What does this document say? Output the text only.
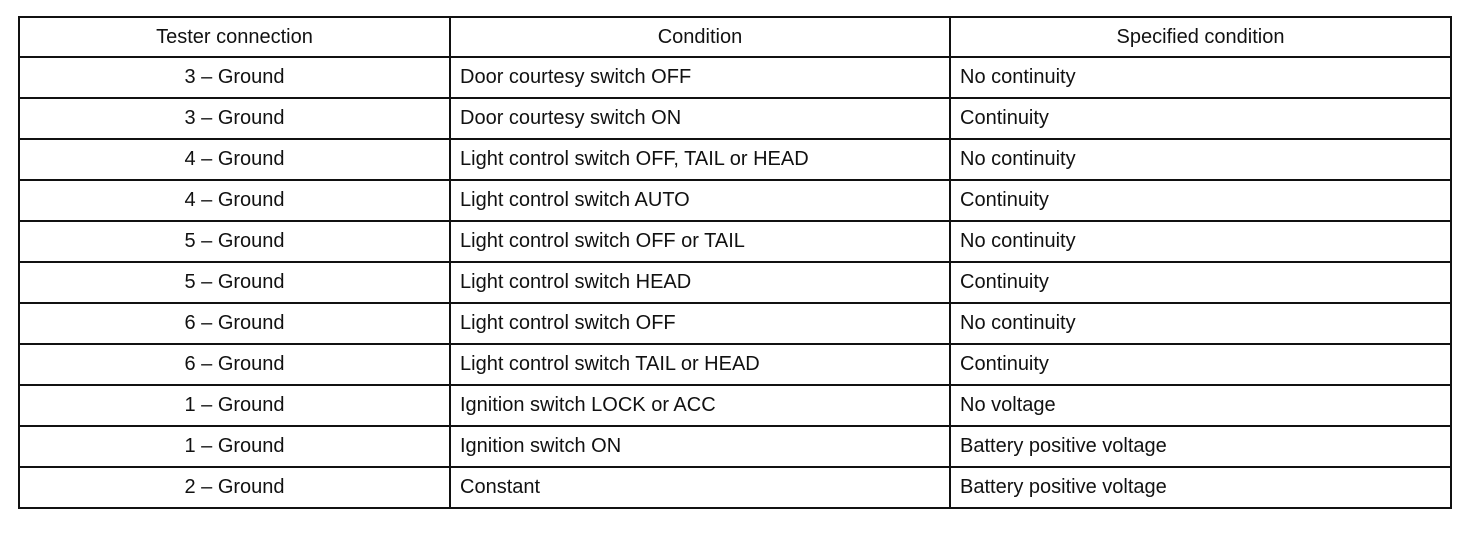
Tester connection	Condition	Specified condition
3 – Ground	Door courtesy switch OFF	No continuity
3 – Ground	Door courtesy switch ON	Continuity
4 – Ground	Light control switch OFF, TAIL or HEAD	No continuity
4 – Ground	Light control switch AUTO	Continuity
5 – Ground	Light control switch OFF or TAIL	No continuity
5 – Ground	Light control switch HEAD	Continuity
6 – Ground	Light control switch OFF	No continuity
6 – Ground	Light control switch TAIL or HEAD	Continuity
1 – Ground	Ignition switch LOCK or ACC	No voltage
1 – Ground	Ignition switch ON	Battery positive voltage
2 – Ground	Constant	Battery positive voltage
